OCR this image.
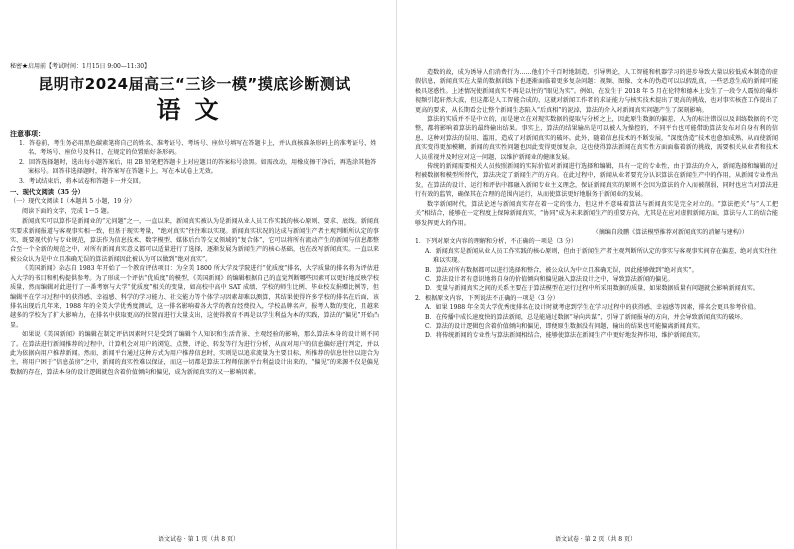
秘密★启用前【考试时间：1月15日 9:00—11:30】
昆明市2024届高三“三诊一模”摸底诊断测试
语文
注意事项：
1．答卷前，考生务必用黑色碳素笔将自己的姓名、准考证号、考场号、座位号填写在答题卡上，并认真核准条形码上的准考证号、姓名、考场号、座位号及科目，在规定的位置贴好条形码。
2．回答选择题时，选出每小题答案后，用 2B 铅笔把答题卡上对应题目的答案标号涂黑。如需改动，用橡皮擦干净后，再选涂其他答案标号。回答非选择题时，将答案写在答题卡上，写在本试卷上无效。
3．考试结束后，将本试卷和答题卡一并交回。
一、现代文阅读（35 分）
（一）现代文阅读 I（本题共 5 小题，19 分）
阅读下面的文字，完成 1～5 题。
新闻真实可以算作是新闻业的“元问题”之一，一直以来，新闻真实被认为是新闻从业人员工作实践的核心原则、要求、底线。新闻真实要求新闻报道与客观事实相一致，但基于现实考量，“绝对真实”往往难以实现。新闻真实状况的达成与新闻生产者主观判断所认定的事实、既要视代价与专业规范，算法作为信息技术、数字模型、媒体后台等交叉领域的“复合体”，它可以将所有流动产生的新闻与信息都整合至一个全新的规范之中，对所有新闻真实意义都可以适量进行了选择，逐渐发展为新闻生产的核心基础，也在改写新闻真实。一直以来被公众认为是中立且准确无误的算法新闻因此被认为可以做到“绝对真实”。
《美国新闻》杂志自 1983 年开始了一个教育评估项目：为全美 1800 所大学及学院进行“优质度”排名，大学质量的排名将为评估进入大学的书目和机构提供参考。为了形成一个评估“优质度”的模型，《美国新闻》的编辑根据自己的直觉判断哪些因素可以更好地反映学校质量，然而编辑对此进行了一番考察与大学“优质度”相关的变量，如高校中高中 SAT 成绩、学校的师生比例、毕业校友捐赠比例等，但编辑平在学习过程中的获得感、幸福感、科学的学习能力、社交能力等个体学习因素却难以测算，其结果使得许多学校的排名在后面，该排名出现后几年来，1988 年的全美大学优秀度测试，这一排名影响着各大学的教育经费投入，学校品牌名声，报考人数的变化，且越来越多的学校为了扩大影响力，在排名中获取更高的位置而进行大量支出，这使得教育不再是以学生利益为本的实践，算法的“偏见”开始凸显。
如果说《美国新闻》的编辑在制定评估因素时只是受到了编辑个人知识和生活背景、主观经验的影响，那么算法本身的设计则不同了。在算法进行新闻推荐的过程中，计算机会对用户的浏览、点赞、评论、转发等行为进行分析，从而对用户的信息偏好进行判定，并以此为依据向用户推荐新闻。然而，新闻平台通过这种方式为用户推荐信息时，实则是以追求流量为主要目标，所推荐的信息往往以迎合为主，将用户困于“信息茧房”之中，新闻的真实性难以保证，而这一切都是算法工程师依据平台利益设计出来的，“偏见”的来源不仅是偏见数据的存在，算法本身的设计逻辑就包含着价值倾向和偏见，成为新闻真实的又一影响因素。
语文试卷 · 第 1 页（共 8 页）
造数的故，成为诱导人们消费行为……他们个千百时地制造、引导舆论，人工智能和机器学习的进步导致大量以较低成本制造的虚假信息，新闻真实在大量的数据训练下也逐渐面临着更多复杂问题：视频、图像、文本的伪造可以以假乱真，一些恶意生成的新闻可能极具迷惑性。上述情况使新闻真实不再是以往的“眼见为实”。例如，在发生于 2018 年 5 月在伦特和德本上发生了一段令人震惊的爆炸视频引起轩然大波，但这都是人工智能合成的，这就对新闻工作者的求证能力与核实技术提出了更高的挑战，也对事实核查工作提出了更高的要求，从长期看会让整个新闻生态陷入“后真相”的泥淖，算法的介入对新闻真实问题产生了深刻影响。
算法的实质并不是中立的，而是建立在对现实数据的提取与分析之上，因此原生数据的偏差、人为的标注错误以及训练数据的不完整，都将影响着算法的最终输出结果。事实上，算法的结果输出是可以被人为操控的，不同平台也可能借助算法发布对自身有利的信息，这种对算法的误用、滥用，造成了对新闻真实的破坏。此外，随着信息技术的不断发展，“深度伪造”技术也愈加成熟，从而使新闻真实变得更加模糊，新闻的真实性问题也因此变得更加复杂，这也使得算法新闻在真实性方面面临着新的挑战，需要相关从业者和技术人员重视并及时应对这一问题，以维护新闻业的健康发展。
传统的新闻需要相关人员按照新闻的实际价值对新闻进行选择和编辑，具有一定的专业性，由于算法的介入，新闻选择和编辑的过程被数据和模型所替代，算法决定了新闻生产的方向。在此过程中，新闻从业者要充分认识算法在新闻生产中的作用，从新闻专业性出发，在算法的设计、运行和评估中都融入新闻专业主义理念，保证新闻真实的原则不会因为算法的介入而被削弱，同时也应当对算法进行有效的监管，确保其在合理的范围内运行，从而使算法更好地服务于新闻业的发展。
数字新闻时代，算法论述与新闻真实存在着一定的张力，但这并不意味着算法与新闻真实是完全对立的。“算法把关”与“人工把关”相结合，能够在一定程度上保障新闻真实，“协同”成为未来新闻生产的重要方向，尤其是在应对虚假新闻方面，算法与人工的结合能够发挥更大的作用。
（摘编自段鹏《算法模型推荐对新闻真实的消解与建构》）
1．下列对原文内容的理解和分析，不正确的一项是（3 分）
A．新闻真实是新闻从业人员工作实践的核心原则，但由于新闻生产者主观判断所认定的事实与客观事实间存在偏差，绝对真实往往难以实现。
B．算法对所有数据都可以进行选择和整合，被公众认为中立且准确无误，因此能够做到“绝对真实”。
C．算法设计者有意识地将自身的价值倾向和偏见融入算法设计之中，导致算法新闻的偏见。
D．变量与新闻真实之间的关系主要在于算法模型在运行过程中所采用数据的质量，如果数据质量有问题就会影响新闻真实。
2．根据原文内容，下列说法不正确的一项是（3 分）
A．如果 1988 年全美大学优秀度排名在设计时就考虑到学生在学习过程中的获得感、幸福感等因素，排名会更具参考价值。
B．在传播中成长速度快的算法新闻，总是能通过数据“导向共谋”，引导了新闻报导的方向，并会导致新闻真实的破坏。
C．算法的设计逻辑包含着价值倾向和偏见，即便原生数据没有问题，输出的结果也可能偏离新闻真实。
D．将传统新闻的专业性与算法新闻相结合，能够使算法在新闻生产中更好地发挥作用，维护新闻真实。
语文试卷 · 第 2 页（共 8 页）
